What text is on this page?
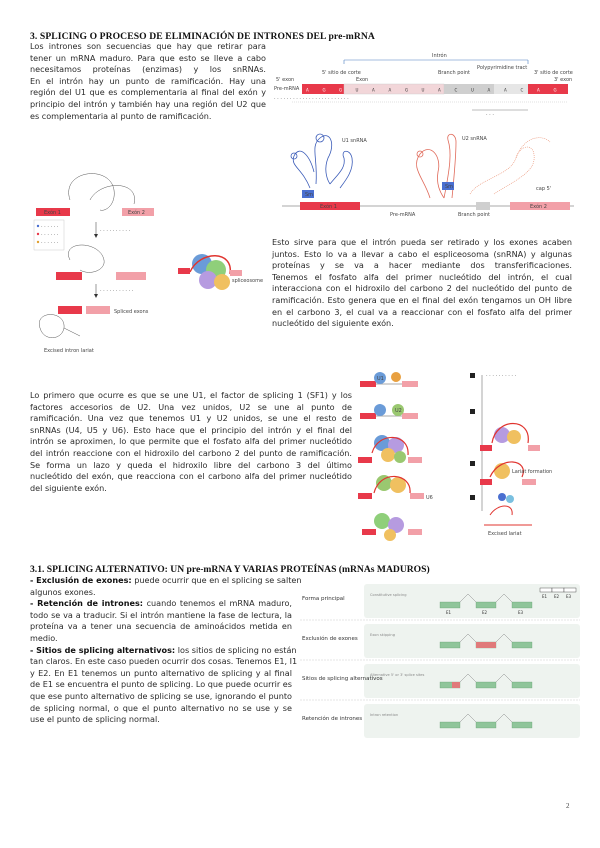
3. SPLICING O PROCESO DE ELIMINACIÓN DE INTRONES DEL pre-mRNA
Los intrones son secuencias que hay que retirar para
tener un mRNA maduro. Para que esto se lleve a cabo
necesitamos proteínas (enzimas) y los snRNAs.
En el intrón hay un punto de ramificación. Hay una
región del U1 que es complementaria al final del exón y
principio del intrón y también hay una región del U2 que
es complementaria al punto de ramificación.
Intrón
5' sitio de corte	Branch point
Polypyrimidine tract
3' sitio de corte
5' exon	Exon	3' exon
Pre-mRNA A	G	G	U	A	A	G	U	A	C	U	A	A	C	A	G
· · · · · · · · · · · · · · · · · · · · · · · ·
· · ·
U1 snRNA
Sm
U2 snRNA
Sm	cap 5'
Exón 1	Exón 2
Pre-mRNA	Branch point
Exón 2
Exón 1
· · · · · ·
· · · · · ·
· · · · · ·
· · · · · · · · · ·
· · · · · · · · · · ·
Spliced exons
Excised intron lariat
spliceosome
Esto sirve para que el intrón pueda ser retirado y los exones acaben
juntos. Esto lo va a llevar a cabo el espliceosoma (snRNA) y algunas
proteínas y se va a hacer mediante dos transferificaciones.
Tenemos el fosfato alfa del primer nucleótido del intrón, el cual
interacciona con el hidroxilo del carbono 2 del nucleótido del punto de
ramificación. Esto genera que en el final del exón tengamos un OH libre
en el carbono 3, el cual va a reaccionar con el fosfato alfa del primer
nucleótido del siguiente exón.
Lo primero que ocurre es que se une U1, el factor de splicing 1 (SF1) y los
factores accesorios de U2. Una vez unidos, U2 se une al punto de
ramificación. Una vez que tenemos U1 y U2 unidos, se une el resto de
snRNAs (U4, U5 y U6). Esto hace que el principio del intrón y el final del
intrón se aproximen, lo que permite que el fosfato alfa del primer nucleótido
del intrón reaccione con el hidroxilo del carbono 2 del punto de ramificación.
Se forma un lazo y queda el hidroxilo libre del carbono 3 del último
nucleótido del exón, que reacciona con el carbono alfa del primer nucleótido
del siguiente exón.
U1
U2
U6
· · · · · · · · · ·
Lariat formation
Excised lariat
3.1. SPLICING ALTERNATIVO: UN pre-mRNA Y VARIAS PROTEÍNAS (mRNAs MADUROS)
- Exclusión de exones: puede ocurrir que en el splicing se salten
algunos exones.
- Retención de intrones: cuando tenemos el mRNA maduro,
todo se va a traducir. Si el intrón mantiene la fase de lectura, la
proteína va a tener una secuencia de aminoácidos metida en
medio.
- Sitios de splicing alternativos: los sitios de splicing no están
tan claros. En este caso pueden ocurrir dos cosas. Tenemos E1, I1
y E2. En E1 tenemos un punto alternativo de splicing y al final
de E1 se encuentra el punto de splicing. Lo que puede ocurrir es
que ese punto alternativo de splicing se use, ignorando el punto
de splicing normal, o que el punto alternativo no se use y se
use el punto de splicing normal.
Forma principal
Constitutive splicing
E1	E2	E3
E1 E2 E3
Exclusión de exones
Exon skipping
Sitios de splicing alternativos
Alternative 5' or 3' splice sites
Retención de intrones
Intron retention
2
